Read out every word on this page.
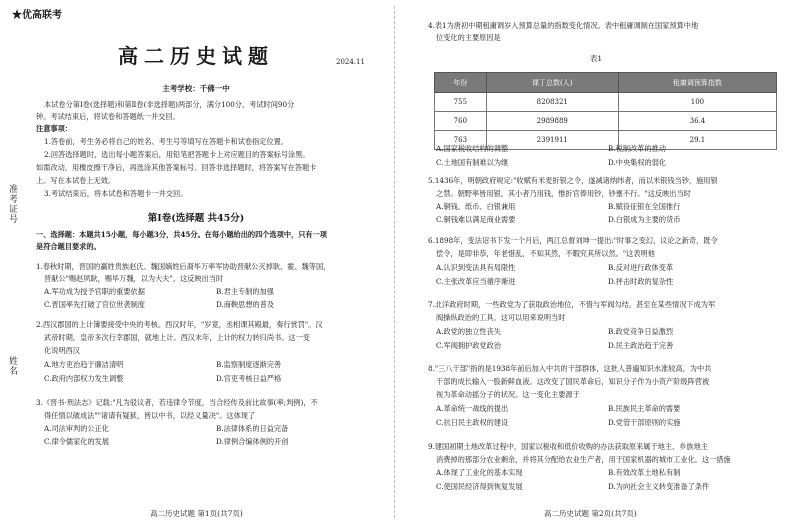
准考证号
姓名
★优高联考
高二历史试题	2024.11
主考学校：千佛一中
本试卷分第Ⅰ卷(选择题)和第Ⅱ卷(非选择题)两部分，满分100分，考试时间90分
钟。考试结束后，将试卷和答题纸一并交回。
注意事项：
1.答卷前，考生务必将自己的姓名、考生号等填写在答题卡和试卷指定位置。
2.回答选择题时，选出每小题答案后，用铅笔把答题卡上对应题目的答案标号涂黑。
如需改动，用橡皮擦干净后，再选涂其他答案标号。回答非选择题时，将答案写在答题卡
上。写在本试卷上无效。
3.考试结束后，将本试卷和答题卡一并交回。
第Ⅰ卷(选择题 共45分)
一、选择题：本题共15小题，每小题3分，共45分。在每小题给出的四个选项中，只有一项
是符合题目要求的。
1.春秋时期，晋国的赢姓贵族赵氏、魏国嫡姓后裔毕万率军协助晋献公灭掉耿、霍、魏等国，
晋献公"赐赵夙耿，赐毕万魏，以为大夫"。这反映出当时
A.军功成为授予官职的重要依据	B.君主专制的加强
C.晋国率先打破了官位世袭制度	D.商鞅思想的普及
2.西汉郡国的上计簿要接受中央的考核。西汉时年，"岁竟，丞相课其殿最，奏行赏罚"。汉
武帝时期，皇帝多次行幸郡国，就地上计。西汉末年，上计的权力转归尚书。这一变
化说明西汉
A.地方吏治趋于廉洁清明	B.监察制度逐渐完善
C.政府内部权力发生调整	D.官吏考核日益严格
3.《晋书·刑法志》记载:"凡为驳议者，若违律令节度，当合经传及前比故事(率;判例)，不
得任情以破成法""诸请有疑狱，皆以中书，以经义量决"。这体现了
A.司法审判的公正化	B.法律体系的日益完备
C.律令儒家化的发展	D.律例合编体例的开创
高二历史试题 第1页(共7页)
4.表1为唐初中期租庸调岁入预算总量的指数变化情况。表中租庸调制在国家预算中地
位变化的主要原因是
表1
年份	课丁总数(人)	租庸调预算指数
755	8208321	100
760	2989889	36.4
763	2391911	29.1
A.国家税收结构的调整	B.税制改革的推动
C.土地国有制难以为继	D.中央集权的弱化
5.1436年，明朝政府规定:"收赋有米麦折银之令，遂减诸纳纬者，而以米银钱当钞，施用银
之禁。朝野率皆用银，其小者乃用钱，惟折官俸用钞，钞壅不行。"这反映出当时
A.铜钱、纸币、白银兼用	B.赋役征银在全国推行
C.铜钱难以满足商业需要	D.白银成为主要的货币
6.1898年，变法诏书下发一个月后，两江总督刘坤一提出:"时事之变幻，议论之新奇，既令
偿令，是即非恭，年老惜乱，不知其然，不暇究其所以然。"这表明他
A.认识到变法具有局限性	B.反对进行政体变革
C.主张改革应当循序渐进	D.抨击时政的复杂性
7.北洋政府时期，一些政党为了获取政治地位，不惜与军阀勾结，甚至在某些情况下成为军
阀操纵政治的工具。这可以用来说明当时
A.政党的独立性丧失	B.政党竞争日益激烈
C.军阀拥护政党政治	D.民主政治趋于完善
8."三八干部"指的是1938年前后加入中共的干部群体，这批人普遍知识水准较高，为中共
干部的成长输入一股新鲜血液。这改变了国民革命后，知识分子作为小资产阶级阵营被
视为革命动摇分子的状况。这一变化主要源于
A.革命统一战线的提出	B.民族民主革命的需要
C.抗日民主政权的建设	D.党管干部原则的实施
9.建国初期土地改革过程中，国家以税收和低价收购的办法获取原来属于地主、乡族地主
消费掉的那部分农业剩余，并将其分配给农业生产者，用于国家机器的城市工业化。这一措施
A.体现了工业化的基本实现	B.有效改革土地私有制
C.使国民经济得到恢复发展	D.为向社会主义转变准备了条件
高二历史试题 第2页(共7页)
